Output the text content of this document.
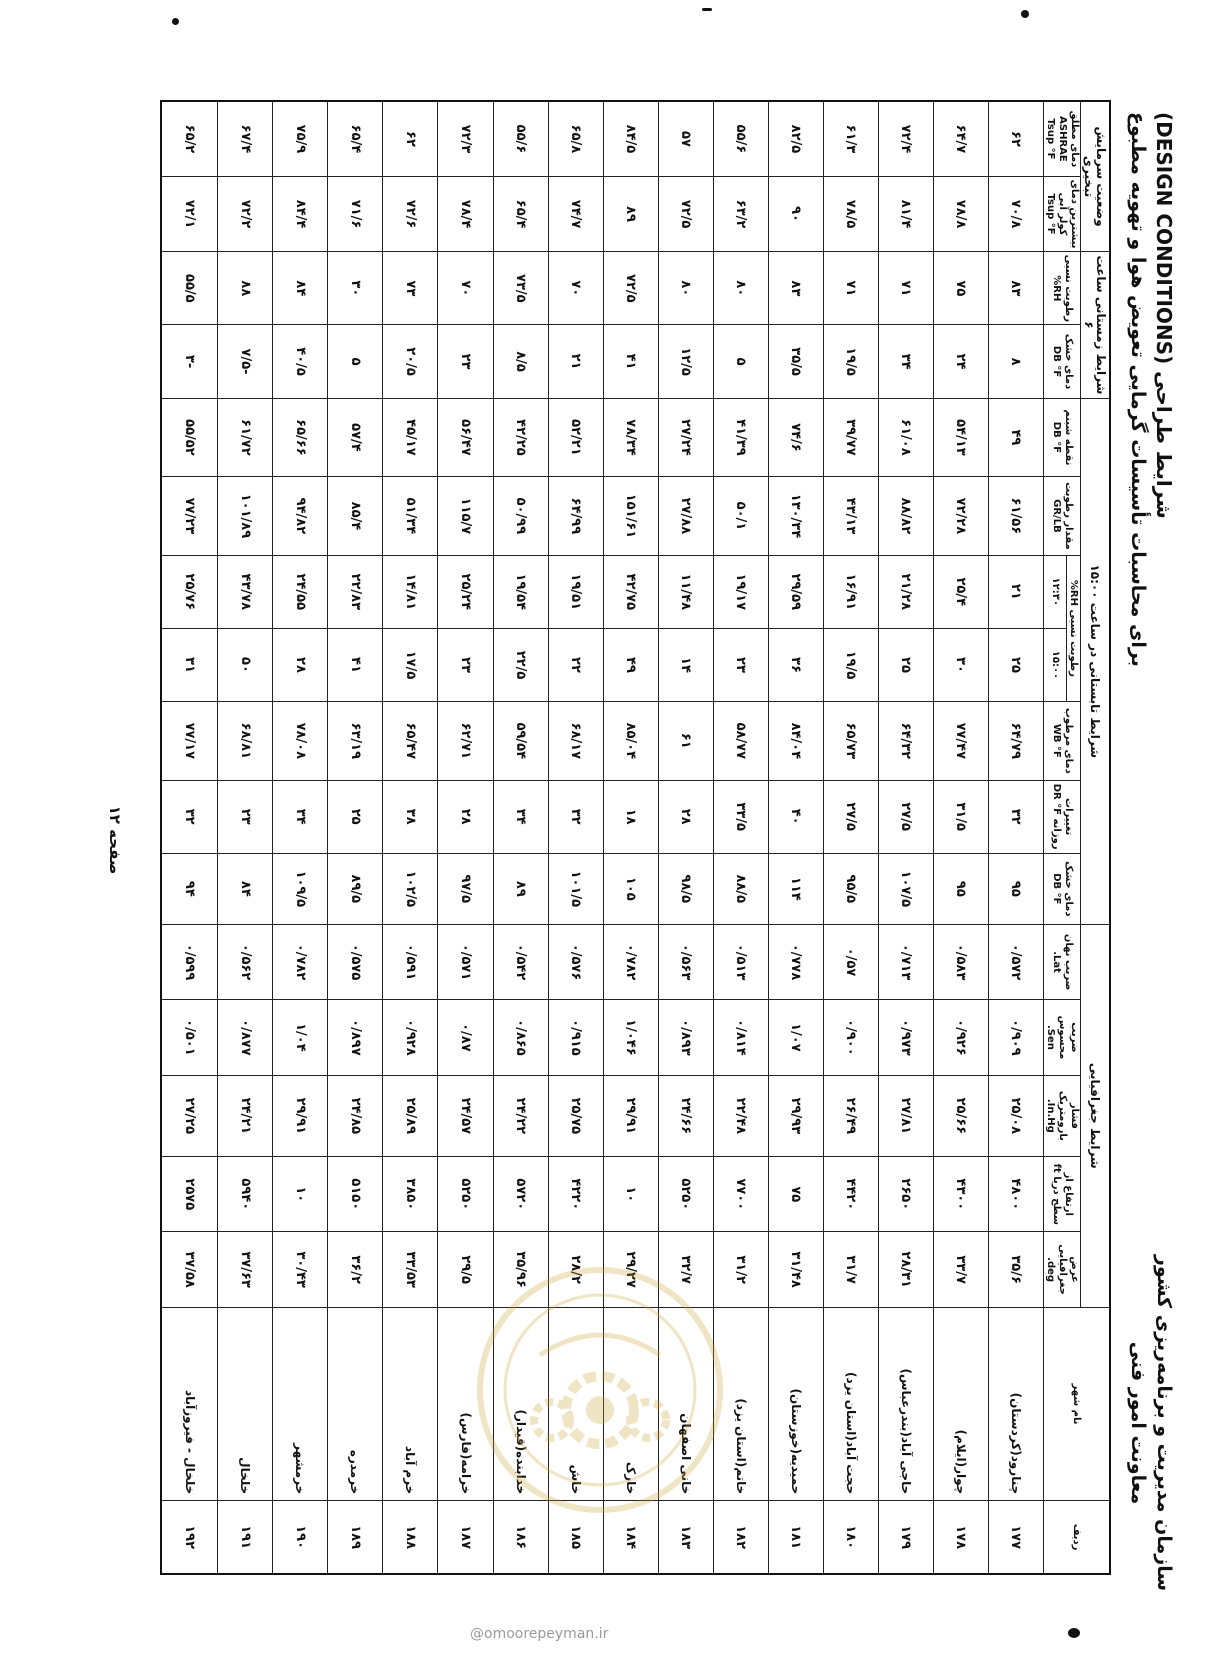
سازمان مدیریت و برنامه‌ریزی کشور
معاونت امور فنی
شرایط طراحی (DESIGN CONDITIONS)
برای محاسبات تأسیسات گرمایی تعویض هوا و تهویه مطبوع
ردیف	نام شهر	شرایط جغرافیایی					شرایط تابستانی در ساعت ۱۵:۰۰							شرایط زمستانی ساعت ۶		وضعیت سرمایش تبخیری	
		عرض جغرافیایی deg.	ارتفاع از سطح دریا ft	فشار بارومتریک In.Hg.	ضریب محسوس Sen.	ضریب نهان Lat.	دمای خشک DB °F	تغییرات روزانه DR °F	دمای مرطوب WB °F	رطوبت نسبی RH%		مقدار رطوبت GR/LB	نقطه شبنم DB °F	دمای خشک DB °F	رطوبت نسبی RH%	بیشترین دمای کولر آبی Tsup °F	دمای مطلق ASHRAE Tsup °F
										۱۵:۰۰	۱۲:۳۰						
۱۷۷	چنارود(کردستان)	۳۵/۶	۴۸۰۰	۲۵/۰۸	۰/۹۰۹	۰/۵۷۲	۹۵	۳۲	۶۴/۷۹	۲۵	۲۱	۶۱/۵۶	۴۹	۸	۸۳	۷۰/۸	۶۲
۱۷۸	چوار(ایلام)	۳۳/۷	۴۳۰۰	۲۵/۶۶	۰/۹۲۶	۰/۵۸۳	۹۵	۳۱/۵	۷۷/۴۷	۳۰	۲۵/۴	۷۲/۲۸	۵۴/۱۳	۲۴	۷۵	۷۸/۸	۶۴/۷
۱۷۹	حاجی آباد(بندرعباس)	۲۸/۳۱	۲۶۵۰	۲۷/۸۱	۰/۹۷۳	۰/۷۱۳	۱۰۷/۵	۲۷/۵	۶۴/۳۲	۲۵	۲۱/۲۸	۸۸/۸۲	۶۱/۰۸	۳۴	۷۱	۸۱/۴	۷۲/۴
۱۸۰	حجت آباد(استان یزد)	۳۱/۷	۴۴۲۰	۲۶/۴۹	۰/۹۰۰	۰/۵۷	۹۵/۵	۲۷/۵	۶۵/۷۳	۱۹/۵	۱۶/۹۱	۴۳/۱۳	۳۹/۷۷	۱۹/۵	۷۱	۷۸/۵	۶۱/۳
۱۸۱	حمیدیه(خوزستان)	۳۱/۴۸	۷۵	۲۹/۹۳	۱/۰۷	۰/۷۷۸	۱۱۴	۴۰	۸۴/۰۴	۳۶	۲۹/۵۹	۱۳۰/۳۴	۷۴/۶	۳۵/۵	۸۳	۹۰	۸۲/۵
۱۸۲	خاتم(استان یزد)	۳۱/۲	۷۷۰۰	۲۲/۴۸	۰/۸۱۴	۰/۵۱۳	۸۸/۵	۳۳/۵	۵۸/۷۷	۲۳	۱۹/۱۷	۵۰/۱	۴۱/۳۹	۵	۸۰	۶۳/۲	۵۵/۶
۱۸۳	خانی اصفهان	۳۲/۷	۵۲۵۰	۲۴/۶۶	۰/۸۹۳	۰/۵۶۳	۹۸/۵	۲۸	۶۱	۱۴	۱۱/۴۸	۲۷/۸۸	۲۷/۲۴	۱۲/۵	۸۰	۷۲/۵	۵۷
۱۸۴	خارک	۲۹/۲۷	۱۰	۲۹/۹۱	۱/۰۴۶	۰/۷۸۲	۱۰۵	۱۸	۸۵/۰۴	۴۹	۴۲/۷۵	۱۵۱/۶۱	۷۸/۳۴	۴۱	۷۲/۵	۸۹	۸۴/۵
۱۸۵	خاش	۲۸/۲	۴۲۲۰	۲۵/۷۵	۰/۹۱۵	۰/۵۷۶	۱۰۱/۵	۳۲	۶۸/۱۷	۲۲	۱۹/۵۱	۶۴/۹۹	۵۲/۲۱	۲۱	۷۰	۷۴/۷	۶۵/۸
۱۸۶	خدابنده(قیدار)	۳۵/۹۶	۵۷۲۰	۲۴/۲۲	۰/۸۶۵	۰/۵۴۲	۸۹	۳۴	۵۹/۵۴	۲۲/۵	۱۹/۵۴	۵۰/۹۹	۴۲/۲۵	۸/۵	۷۳/۵	۶۵/۴	۵۵/۶
۱۸۷	خرامه(فارس)	۲۹/۵	۵۲۵۰	۲۴/۵۷	۰/۸۷	۰/۵۷۱	۹۷/۵	۲۸	۶۲/۷۱	۲۳	۲۵/۲۴	۱۱۵/۷	۵۶/۴۷	۲۳	۷۰	۷۸/۴	۷۲/۳
۱۸۸	خرم آباد	۳۳/۵۳	۳۸۵۰	۲۵/۸۹	۰/۹۲۸	۰/۵۹۱	۱۰۲/۵	۳۸	۶۵/۴۷	۱۷/۵	۱۴/۸۱	۵۱/۳۴	۴۵/۱۷	۲۰/۵	۷۳	۷۲/۶	۶۲
۱۸۹	خرمدره	۳۶/۲	۵۱۵۰	۲۴/۸۵	۰/۸۹۷	۰/۵۷۵	۸۹/۵	۲۵	۶۳/۱۹	۴۱	۲۲/۸۳	۸۵/۴	۵۷/۴	۵	۳۰	۷۱/۶	۶۵/۴
۱۹۰	خرمشهر	۳۰/۴۳	۱۰	۲۹/۹۱	۱/۰۴	۰/۷۸۲	۱۰۹/۵	۳۴	۷۸/۰۸	۲۸	۲۴/۵۵	۹۴/۸۲	۶۵/۶۶	۴۰/۵	۸۴	۸۴/۴	۷۵/۹
۱۹۱	خلخال	۳۷/۶۳	۵۹۴۰	۲۴/۲۱	۰/۸۷۷	۰/۵۶۲	۸۴	۲۳	۶۸/۸۱	۵۰	۴۳/۷۸	۱۰۱/۸۹	۶۱/۷۲	-۷/۵	۸۸	۷۲/۲	۶۷/۴
۱۹۲	خلخال - فیروزآباد	۳۷/۵۸	۲۵۷۵	۲۷/۲۵	۰/۵۰۱	۰/۵۹۹	۹۴	۳۲	۷۷/۱۷	۳۱	۲۵/۷۶	۷۷/۲۳	۵۵/۵۲	-۳	۵۵/۵	۷۲/۱	۶۵/۲
صفحه ۱۲
@omoorepeyman.ir
